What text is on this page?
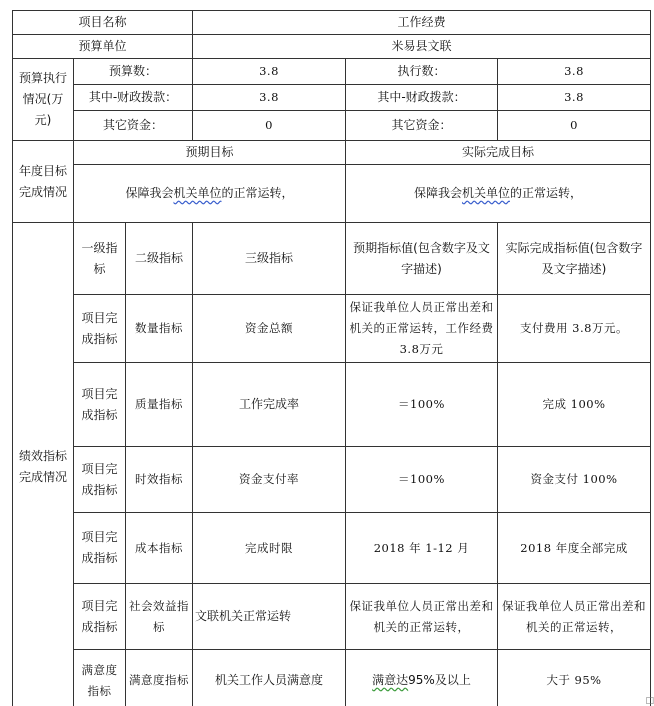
项目名称			工作经费		
预算单位			米易县文联		
预算执行情况(万元)	预算数：		3.8	执行数：	3.8
	其中-财政拨款：		3.8	其中-财政拨款：	3.8
	其它资金：		0	其它资金：	0
年度目标完成情况	预期目标			实际完成目标	
	保障我会机关单位的正常运转，			保障我会机关单位的正常运转，	
绩效指标完成情况	一级指标	二级指标	三级指标	预期指标值(包含数字及文字描述)	实际完成指标值(包含数字及文字描述)
	项目完成指标	数量指标	资金总额	保证我单位人员正常出差和机关的正常运转，工作经费 3.8万元	支付费用 3.8万元。
	项目完成指标	质量指标	工作完成率	＝100%	完成 100%
	项目完成指标	时效指标	资金支付率	＝100%	资金支付 100%
	项目完成指标	成本指标	完成时限	2018 年 1-12 月	2018 年度全部完成
	项目完成指标	社会效益指标	文联机关正常运转	保证我单位人员正常出差和机关的正常运转，	保证我单位人员正常出差和机关的正常运转，
	满意度指标	满意度指标	机关工作人员满意度	满意达95%及以上	大于 95%
□
